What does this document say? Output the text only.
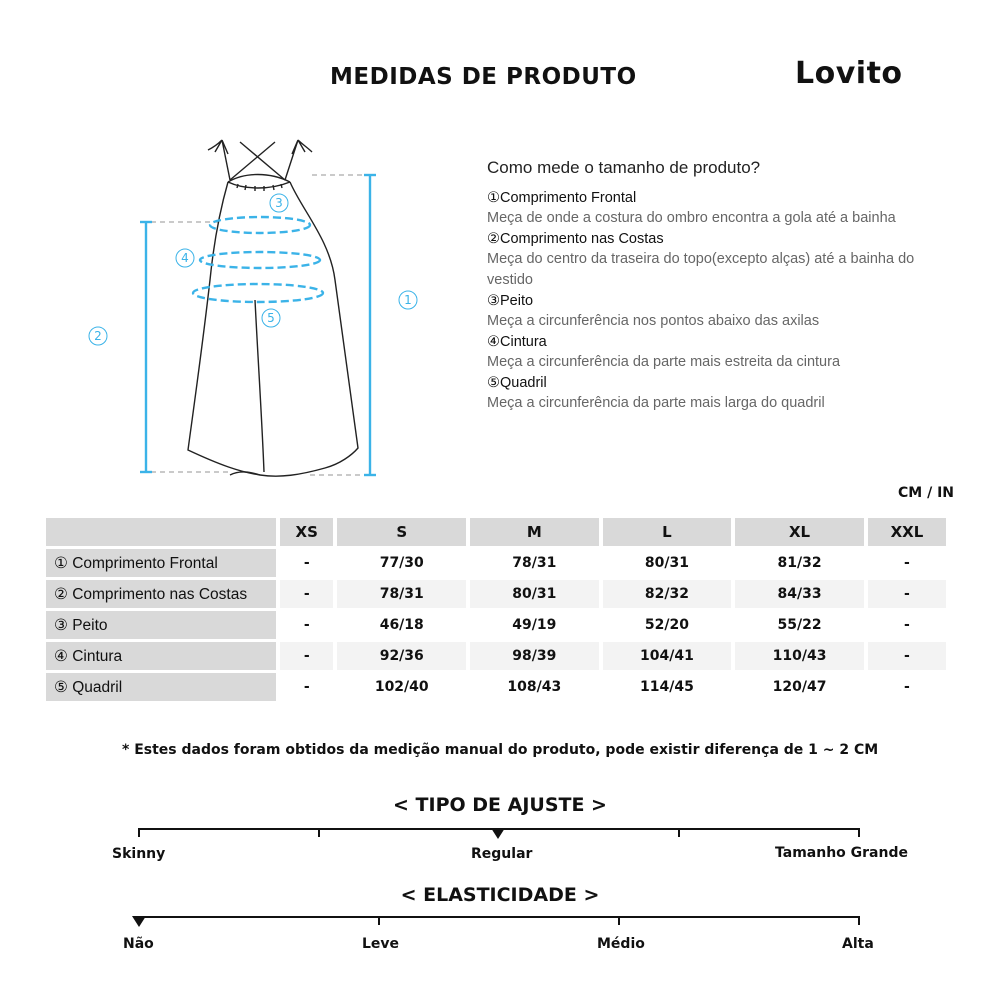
MEDIDAS DE PRODUTO	Lovito
3
4
5
1
2
Como mede o tamanho de produto?
①Comprimento Frontal
Meça de onde a costura do ombro encontra a gola até a bainha
②Comprimento nas Costas
Meça do centro da traseira do topo(excepto alças) até a bainha do vestido
③Peito
Meça a circunferência nos pontos abaixo das axilas
④Cintura
Meça a circunferência da parte mais estreita da cintura
⑤Quadril
Meça a circunferência da parte mais larga do quadril
CM / IN
	XS	S	M	L	XL	XXL
① Comprimento Frontal	-	77/30	78/31	80/31	81/32	-
② Comprimento nas Costas	-	78/31	80/31	82/32	84/33	-
③ Peito	-	46/18	49/19	52/20	55/22	-
④ Cintura	-	92/36	98/39	104/41	110/43	-
⑤ Quadril	-	102/40	108/43	114/45	120/47	-
* Estes dados foram obtidos da medição manual do produto, pode existir diferença de 1 ~ 2 CM
< TIPO DE AJUSTE >
Skinny	Regular	Tamanho Grande
< ELASTICIDADE >
Não	Leve	Médio	Alta
